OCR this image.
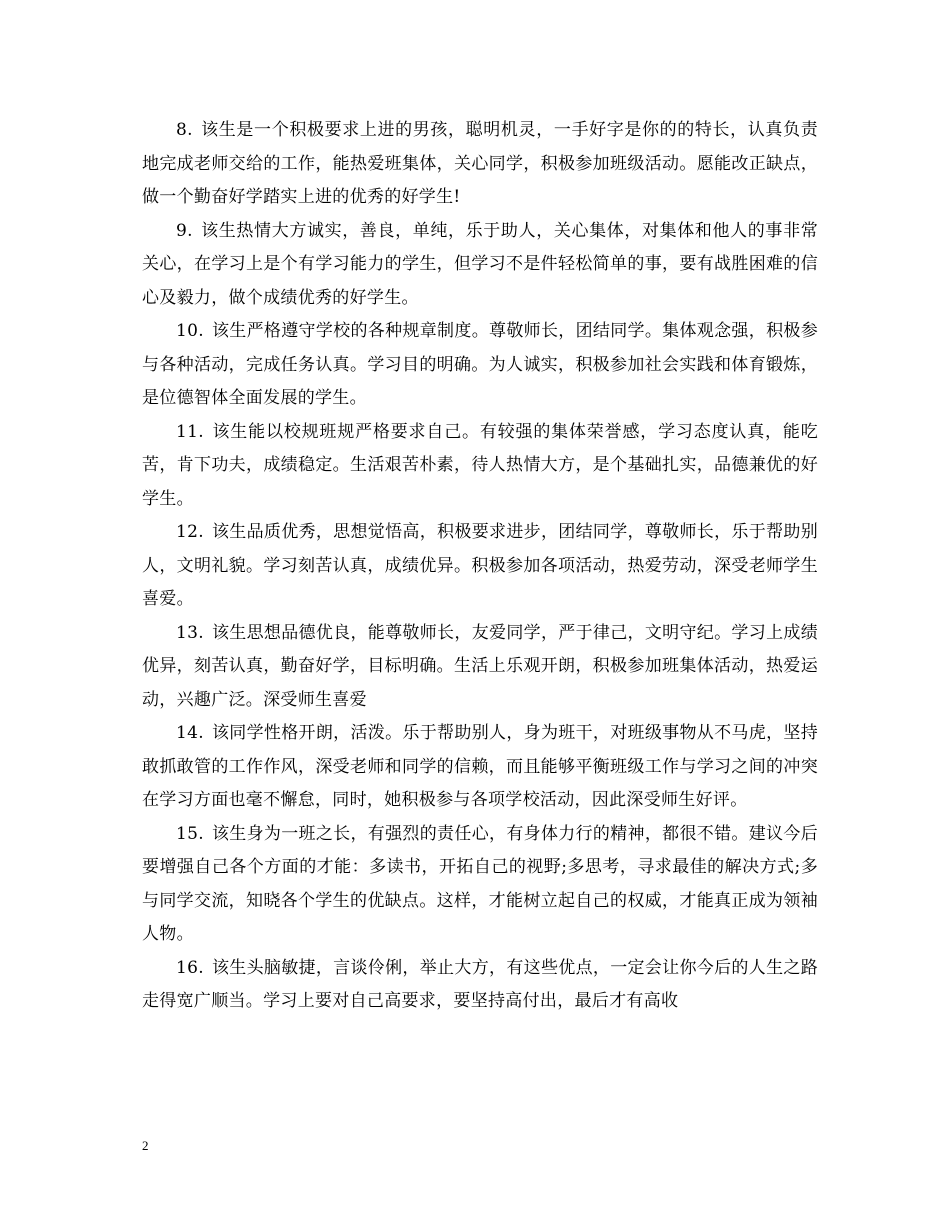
8. 该生是一个积极要求上进的男孩，聪明机灵，一手好字是你的的特长，认真负责地完成老师交给的工作，能热爱班集体，关心同学，积极参加班级活动。愿能改正缺点，做一个勤奋好学踏实上进的优秀的好学生!

9. 该生热情大方诚实，善良，单纯，乐于助人，关心集体，对集体和他人的事非常关心，在学习上是个有学习能力的学生，但学习不是件轻松简单的事，要有战胜困难的信心及毅力，做个成绩优秀的好学生。

10. 该生严格遵守学校的各种规章制度。尊敬师长，团结同学。集体观念强，积极参与各种活动，完成任务认真。学习目的明确。为人诚实，积极参加社会实践和体育锻炼，是位德智体全面发展的学生。

11. 该生能以校规班规严格要求自己。有较强的集体荣誉感，学习态度认真，能吃苦，肯下功夫，成绩稳定。生活艰苦朴素，待人热情大方，是个基础扎实，品德兼优的好学生。

12. 该生品质优秀，思想觉悟高，积极要求进步，团结同学，尊敬师长，乐于帮助别人，文明礼貌。学习刻苦认真，成绩优异。积极参加各项活动，热爱劳动，深受老师学生喜爱。

13. 该生思想品德优良，能尊敬师长，友爱同学，严于律己，文明守纪。学习上成绩优异，刻苦认真，勤奋好学，目标明确。生活上乐观开朗，积极参加班集体活动，热爱运动，兴趣广泛。深受师生喜爱

14. 该同学性格开朗，活泼。乐于帮助别人，身为班干，对班级事物从不马虎，坚持敢抓敢管的工作作风，深受老师和同学的信赖，而且能够平衡班级工作与学习之间的冲突在学习方面也毫不懈怠，同时，她积极参与各项学校活动，因此深受师生好评。

15. 该生身为一班之长，有强烈的责任心，有身体力行的精神，都很不错。建议今后要增强自己各个方面的才能：多读书，开拓自己的视野;多思考，寻求最佳的解决方式;多与同学交流，知晓各个学生的优缺点。这样，才能树立起自己的权威，才能真正成为领袖人物。

16. 该生头脑敏捷，言谈伶俐，举止大方，有这些优点，一定会让你今后的人生之路走得宽广顺当。学习上要对自己高要求，要坚持高付出，最后才有高收

2
